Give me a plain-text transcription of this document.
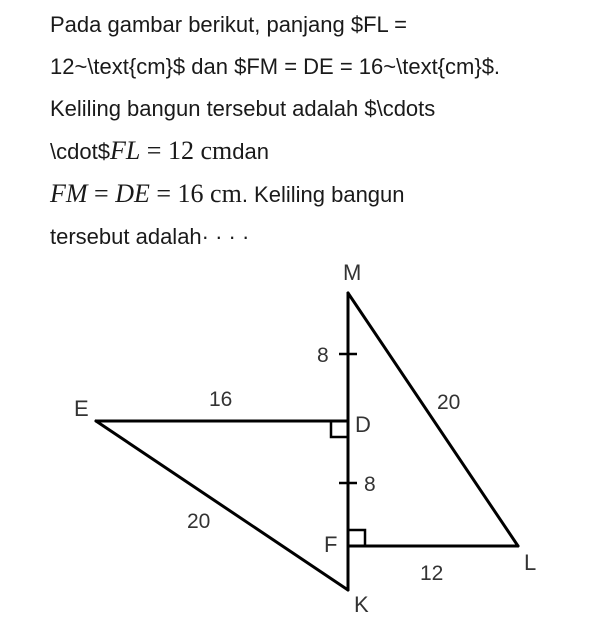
Pada gambar berikut, panjang $FL =
12~\text{cm}$ dan $FM = DE = 16~\text{cm}$.
Keliling bangun tersebut adalah $\cdots
\cdot$FL = 12 cmdan
FM = DE = 16 cm. Keliling bangun
tersebut adalah· · · ·
M
E
D
F
K
L
8
8
16	20
20
12
